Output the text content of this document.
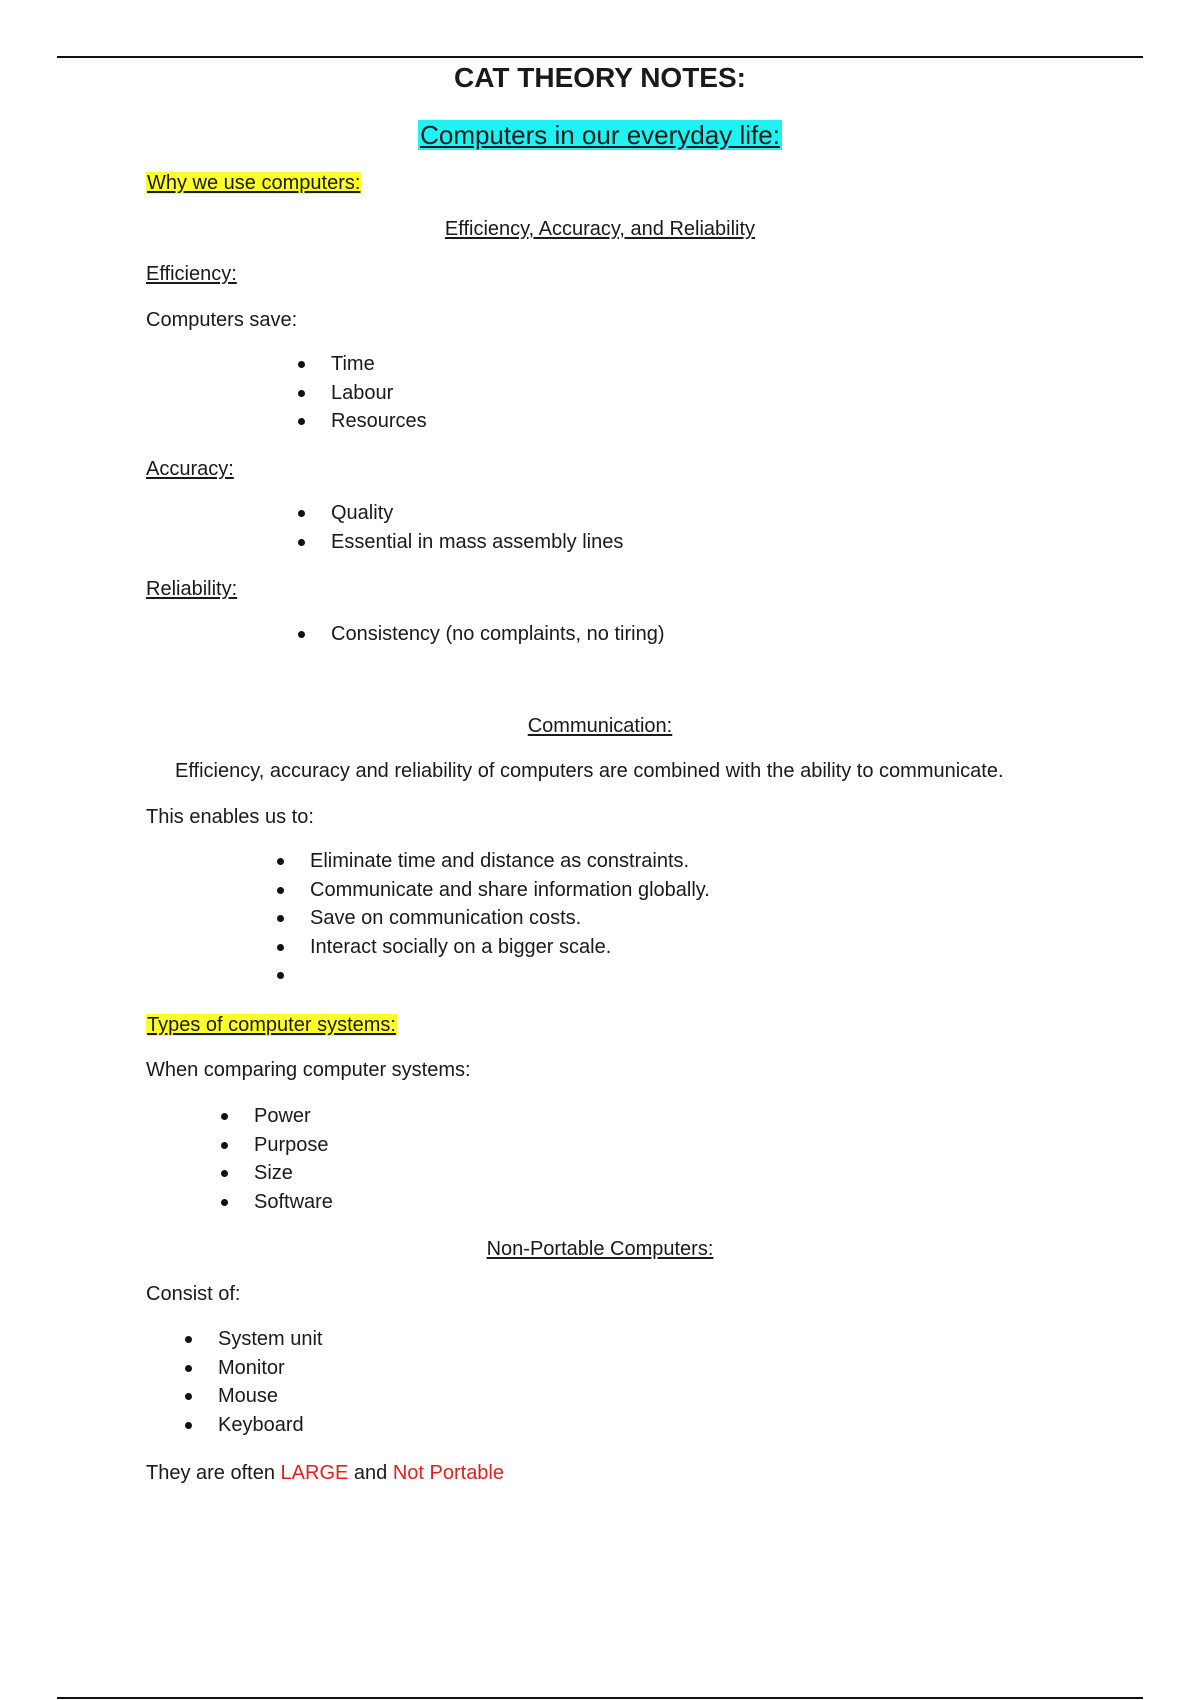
CAT THEORY NOTES:
Computers in our everyday life:

Why we use computers:

Efficiency, Accuracy, and Reliability

Efficiency:

Computers save:

Time
Labour
Resources

Accuracy:

Quality
Essential in mass assembly lines

Reliability:

Consistency (no complaints, no tiring)

Communication:

Efficiency, accuracy and reliability of computers are combined with the ability to communicate.

This enables us to:

Eliminate time and distance as constraints.
Communicate and share information globally.
Save on communication costs.
Interact socially on a bigger scale.

Types of computer systems:

When comparing computer systems:

Power
Purpose
Size
Software

Non-Portable Computers:

Consist of:

System unit
Monitor
Mouse
Keyboard

They are often LARGE and Not Portable
